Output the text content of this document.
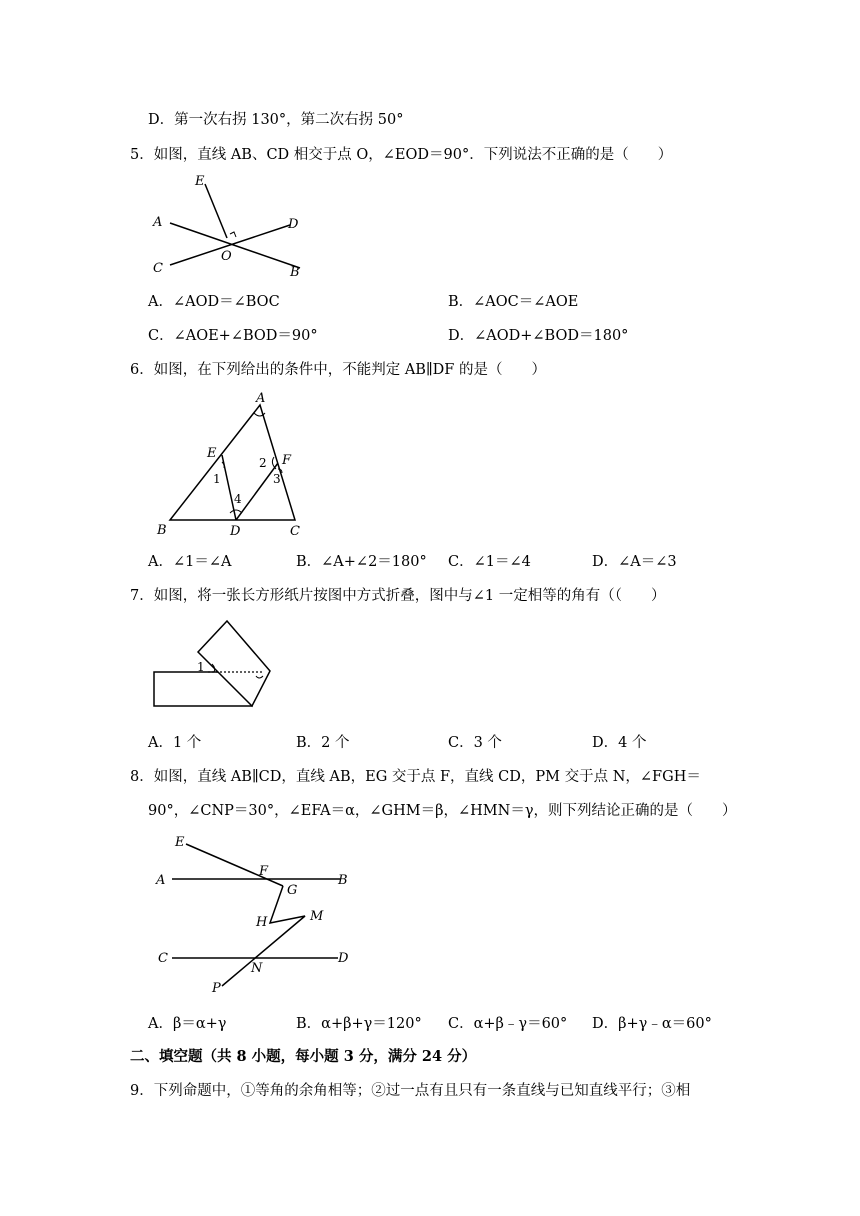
D．第一次右拐 130°，第二次右拐 50°
5．如图，直线 AB、CD 相交于点 O，∠EOD＝90°．下列说法不正确的是（　　）
E
A	D
C
O
B
A．∠AOD＝∠BOC	B．∠AOC＝∠AOE
C．∠AOE+∠BOD＝90°	D．∠AOD+∠BOD＝180°
6．如图，在下列给出的条件中，不能判定 AB∥DF 的是（　　）
A
E	F
B	D	C
1
2
3
4
A．∠1＝∠A	B．∠A+∠2＝180° C．∠1＝∠4	D．∠A＝∠3
7．如图，将一张长方形纸片按图中方式折叠，图中与∠1 一定相等的角有（（　　）
1
A．1 个	B．2 个	C．3 个	D．4 个
8．如图，直线 AB∥CD，直线 AB，EG 交于点 F，直线 CD，PM 交于点 N，∠FGH＝
90°，∠CNP＝30°，∠EFA＝α，∠GHM＝β，∠HMN＝γ，则下列结论正确的是（　　）
E
A
F
B
G
H	M
C
N
D
P
A．β＝α+γ	B．α+β+γ＝120° C．α+β﹣γ＝60° D．β+γ﹣α＝60°
二、填空题（共 8 小题，每小题 3 分，满分 24 分）
9．下列命题中，①等角的余角相等；②过一点有且只有一条直线与已知直线平行；③相
